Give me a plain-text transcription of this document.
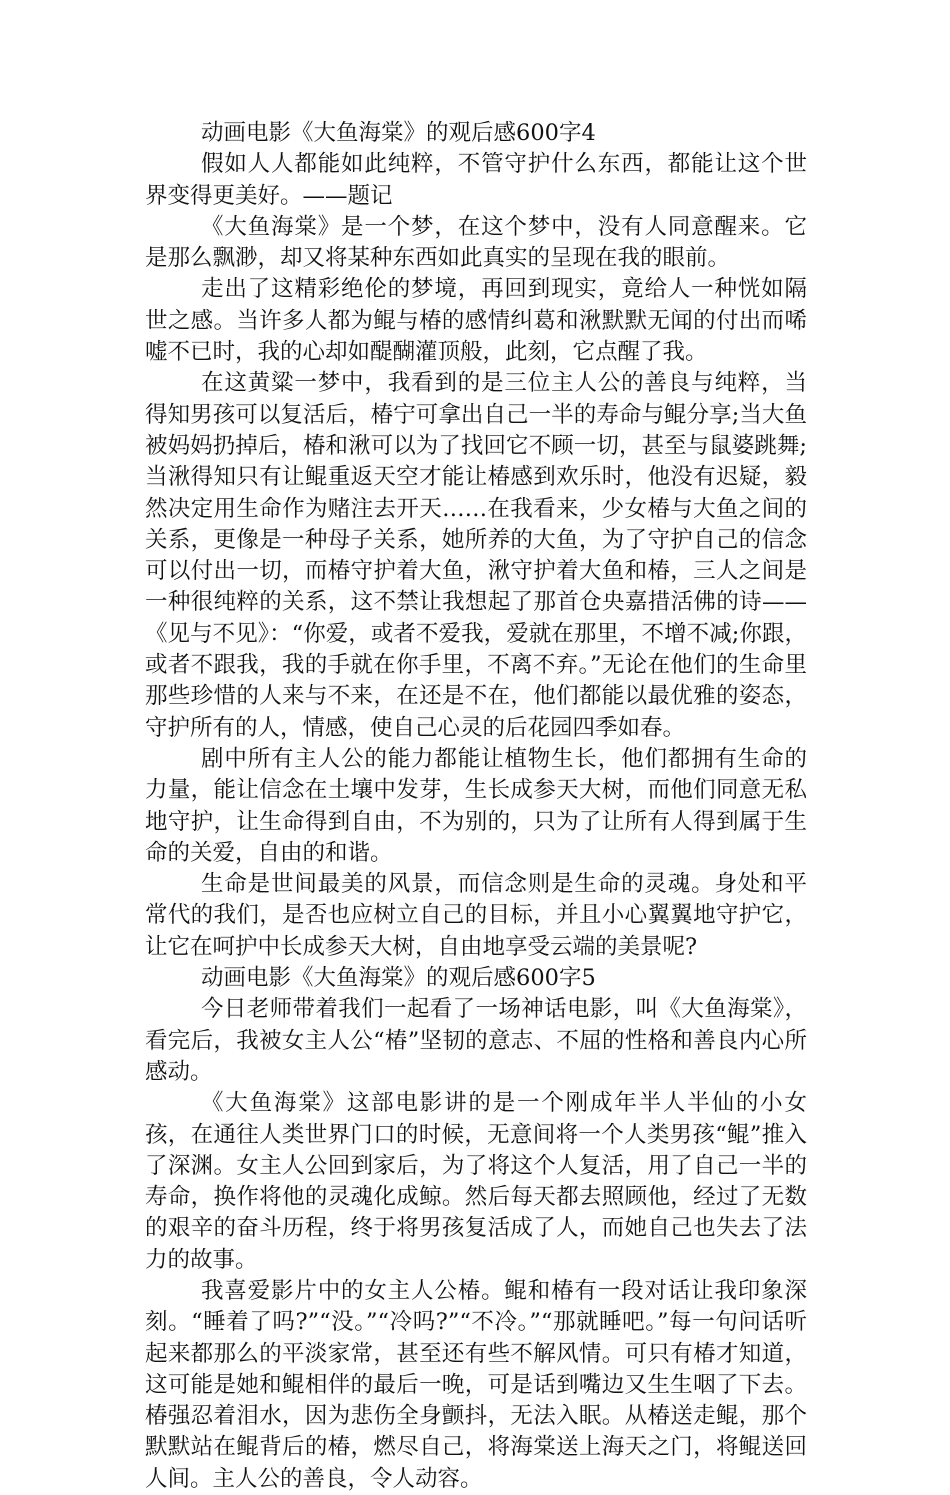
动画电影《大鱼海棠》的观后感600字4

假如人人都能如此纯粹，不管守护什么东西，都能让这个世界变得更美好。——题记

《大鱼海棠》是一个梦，在这个梦中，没有人同意醒来。它是那么飘渺，却又将某种东西如此真实的呈现在我的眼前。

走出了这精彩绝伦的梦境，再回到现实，竟给人一种恍如隔世之感。当许多人都为鲲与椿的感情纠葛和湫默默无闻的付出而唏嘘不已时，我的心却如醍醐灌顶般，此刻，它点醒了我。

在这黄粱一梦中，我看到的是三位主人公的善良与纯粹，当得知男孩可以复活后，椿宁可拿出自己一半的寿命与鲲分享;当大鱼被妈妈扔掉后，椿和湫可以为了找回它不顾一切，甚至与鼠婆跳舞;当湫得知只有让鲲重返天空才能让椿感到欢乐时，他没有迟疑，毅然决定用生命作为赌注去开天……在我看来，少女椿与大鱼之间的关系，更像是一种母子关系，她所养的大鱼，为了守护自己的信念可以付出一切，而椿守护着大鱼，湫守护着大鱼和椿，三人之间是一种很纯粹的关系，这不禁让我想起了那首仓央嘉措活佛的诗——《见与不见》：“你爱，或者不爱我，爱就在那里，不增不减;你跟，或者不跟我，我的手就在你手里，不离不弃。”无论在他们的生命里那些珍惜的人来与不来，在还是不在，他们都能以最优雅的姿态，守护所有的人，情感，使自己心灵的后花园四季如春。

剧中所有主人公的能力都能让植物生长，他们都拥有生命的力量，能让信念在土壤中发芽，生长成参天大树，而他们同意无私地守护，让生命得到自由，不为别的，只为了让所有人得到属于生命的关爱，自由的和谐。

生命是世间最美的风景，而信念则是生命的灵魂。身处和平常代的我们，是否也应树立自己的目标，并且小心翼翼地守护它，让它在呵护中长成参天大树，自由地享受云端的美景呢?

动画电影《大鱼海棠》的观后感600字5

今日老师带着我们一起看了一场神话电影，叫《大鱼海棠》，看完后，我被女主人公“椿”坚韧的意志、不屈的性格和善良内心所感动。

《大鱼海棠》这部电影讲的是一个刚成年半人半仙的小女孩，在通往人类世界门口的时候，无意间将一个人类男孩“鲲”推入了深渊。女主人公回到家后，为了将这个人复活，用了自己一半的寿命，换作将他的灵魂化成鲸。然后每天都去照顾他，经过了无数的艰辛的奋斗历程，终于将男孩复活成了人，而她自己也失去了法力的故事。

我喜爱影片中的女主人公椿。鲲和椿有一段对话让我印象深刻。“睡着了吗?”“没。”“冷吗?”“不冷。”“那就睡吧。”每一句问话听起来都那么的平淡家常，甚至还有些不解风情。可只有椿才知道，这可能是她和鲲相伴的最后一晚，可是话到嘴边又生生咽了下去。椿强忍着泪水，因为悲伤全身颤抖，无法入眠。从椿送走鲲，那个默默站在鲲背后的椿，燃尽自己，将海棠送上海天之门，将鲲送回人间。主人公的善良，令人动容。
